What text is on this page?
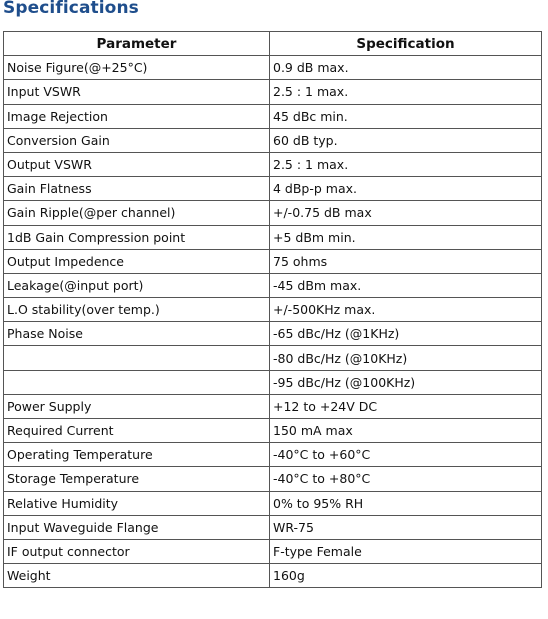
Specifications
Parameter	Specification
Noise Figure(@+25°C)	0.9 dB max.
Input VSWR	2.5 : 1 max.
Image Rejection	45 dBc min.
Conversion Gain	60 dB typ.
Output VSWR	2.5 : 1 max.
Gain Flatness	4 dBp-p max.
Gain Ripple(@per channel)	+/-0.75 dB max
1dB Gain Compression point	+5 dBm min.
Output Impedence	75 ohms
Leakage(@input port)	-45 dBm max.
L.O stability(over temp.)	+/-500KHz max.
Phase Noise	-65 dBc/Hz (@1KHz)
	-80 dBc/Hz (@10KHz)
	-95 dBc/Hz (@100KHz)
Power Supply	+12 to +24V DC
Required Current	150 mA max
Operating Temperature	-40°C to +60°C
Storage Temperature	-40°C to +80°C
Relative Humidity	0% to 95% RH
Input Waveguide Flange	WR-75
IF output connector	F-type Female
Weight	160g
